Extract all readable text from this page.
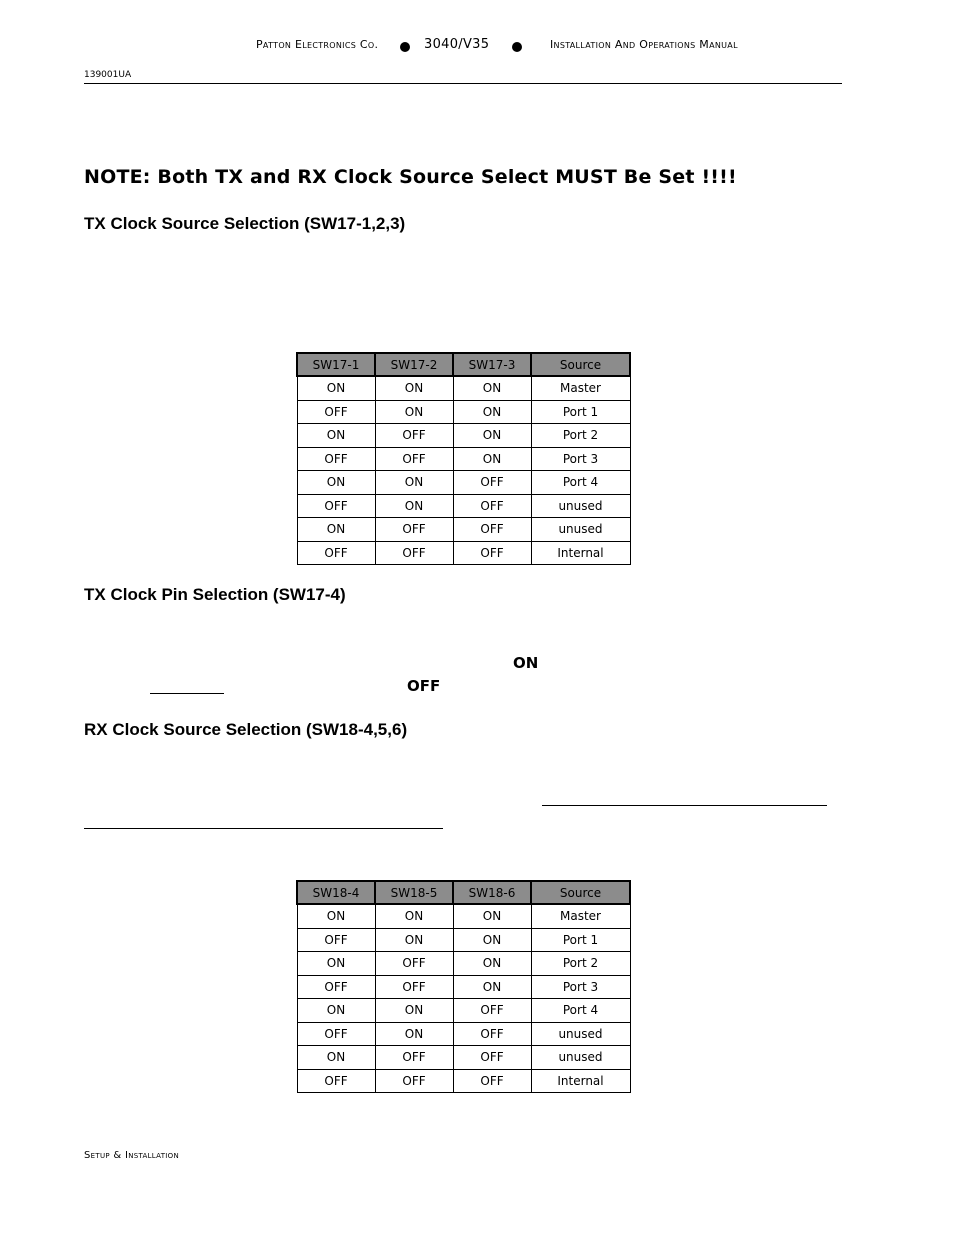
Patton Electronics Co.	3040/V35	Installation And Operations Manual
139001UA
NOTE: Both TX and RX Clock Source Select MUST Be Set !!!!
TX Clock Source Selection (SW17-1,2,3)
SW17-1	SW17-2	SW17-3	Source
ON	ON	ON	Master
OFF	ON	ON	Port 1
ON	OFF	ON	Port 2
OFF	OFF	ON	Port 3
ON	ON	OFF	Port 4
OFF	ON	OFF	unused
ON	OFF	OFF	unused
OFF	OFF	OFF	Internal
TX Clock Pin Selection (SW17-4)
ON
OFF
RX Clock Source Selection (SW18-4,5,6)
SW18-4	SW18-5	SW18-6	Source
ON	ON	ON	Master
OFF	ON	ON	Port 1
ON	OFF	ON	Port 2
OFF	OFF	ON	Port 3
ON	ON	OFF	Port 4
OFF	ON	OFF	unused
ON	OFF	OFF	unused
OFF	OFF	OFF	Internal
Setup & Installation
